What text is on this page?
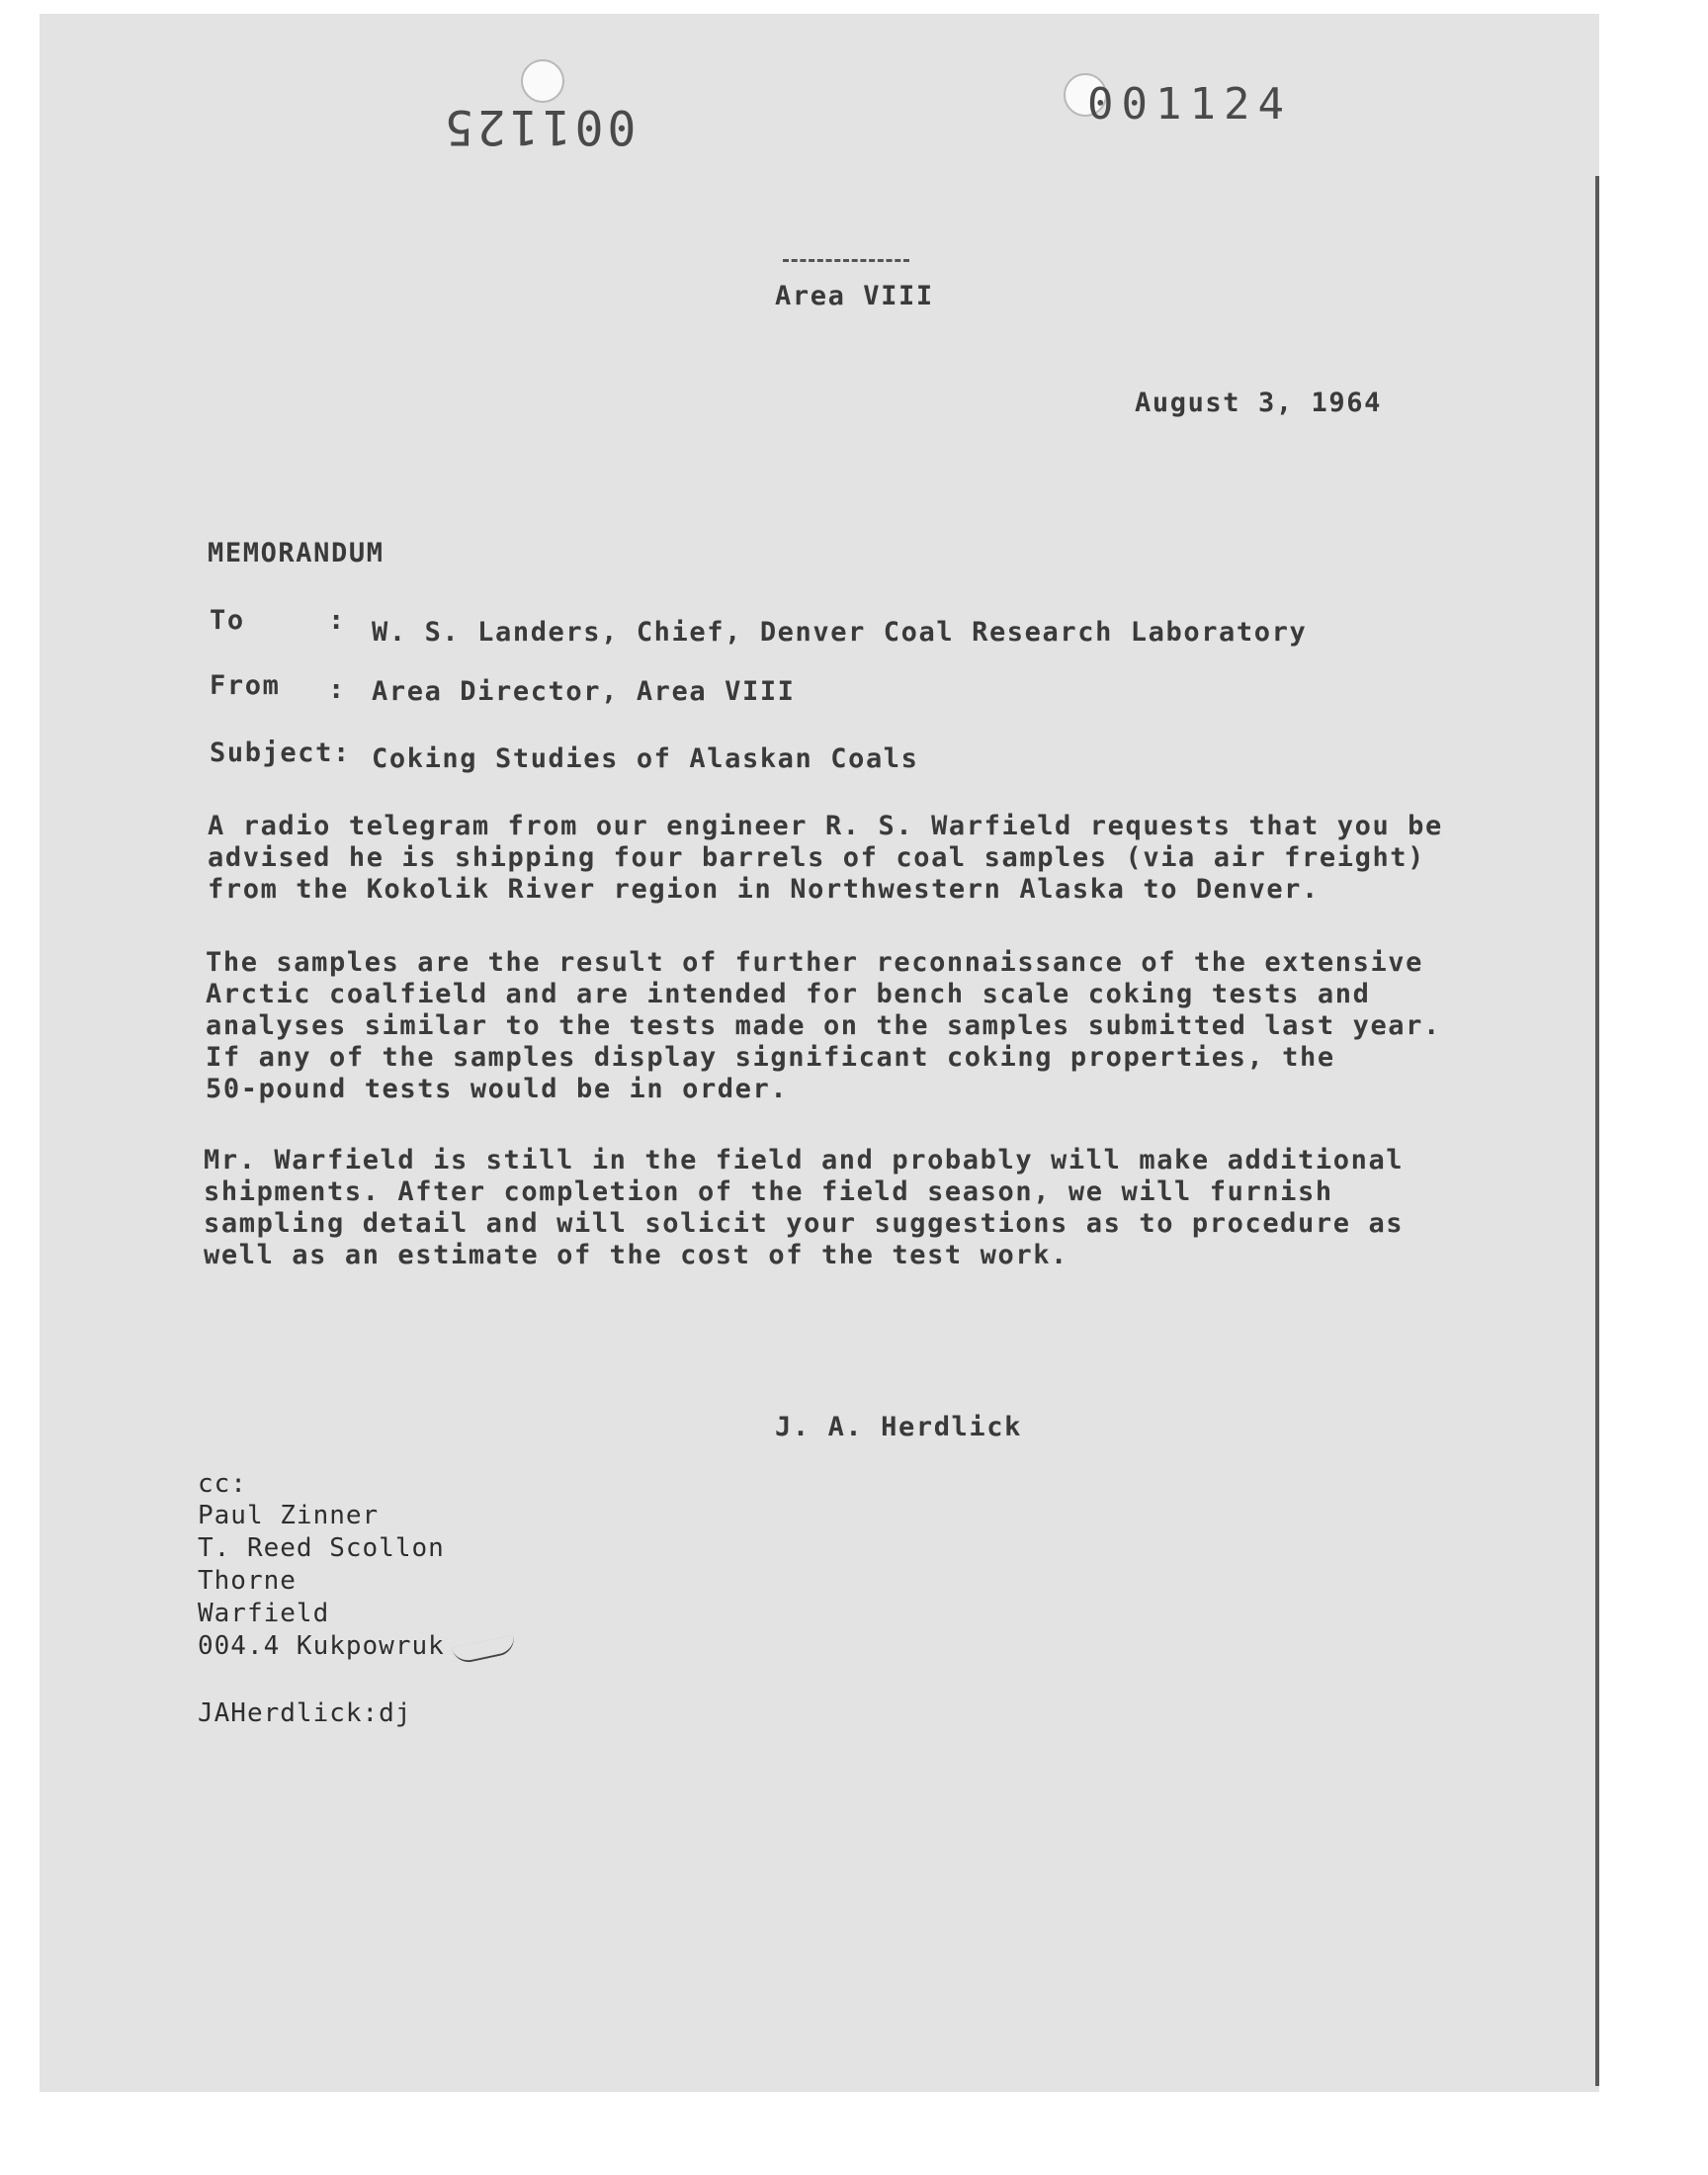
001125	001124
Area VIII
August 3, 1964
MEMORANDUM
To	: W. S. Landers, Chief, Denver Coal Research Laboratory
From : Area Director, Area VIII
Subject: Coking Studies of Alaskan Coals
A radio telegram from our engineer R. S. Warfield requests that you be
advised he is shipping four barrels of coal samples (via air freight)
from the Kokolik River region in Northwestern Alaska to Denver.
The samples are the result of further reconnaissance of the extensive
Arctic coalfield and are intended for bench scale coking tests and
analyses similar to the tests made on the samples submitted last year.
If any of the samples display significant coking properties, the
50-pound tests would be in order.
Mr. Warfield is still in the field and probably will make additional
shipments. After completion of the field season, we will furnish
sampling detail and will solicit your suggestions as to procedure as
well as an estimate of the cost of the test work.
J. A. Herdlick
cc:
Paul Zinner
T. Reed Scollon
Thorne
Warfield
004.4 Kukpowruk
JAHerdlick:dj
